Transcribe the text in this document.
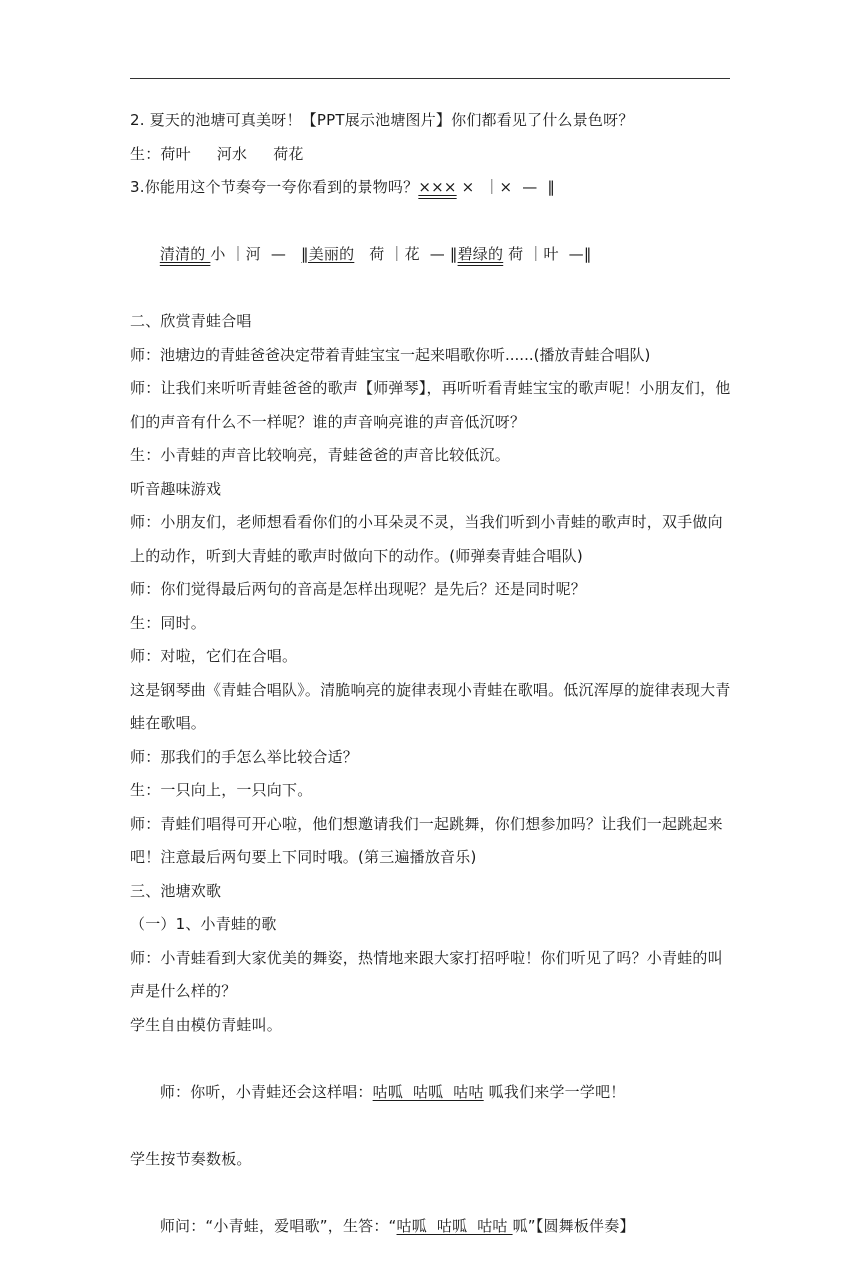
2. 夏天的池塘可真美呀！【PPT展示池塘图片】你们都看见了什么景色呀？
生：荷叶 河水 荷花
3.你能用这个节奏夸一夸你看到的景物吗？××× ×  ｜×  —  ‖

清清的 小 ｜河  —   ‖美丽的   荷 ｜花  — ‖碧绿的 荷 ｜叶  —‖

二、欣赏青蛙合唱
师：池塘边的青蛙爸爸决定带着青蛙宝宝一起来唱歌你听......(播放青蛙合唱队)
师：让我们来听听青蛙爸爸的歌声【师弹琴】，再听听看青蛙宝宝的歌声呢！小朋友们，他们的声音有什么不一样呢？谁的声音响亮谁的声音低沉呀？
生：小青蛙的声音比较响亮，青蛙爸爸的声音比较低沉。
听音趣味游戏
师：小朋友们，老师想看看你们的小耳朵灵不灵，当我们听到小青蛙的歌声时，双手做向上的动作，听到大青蛙的歌声时做向下的动作。(师弹奏青蛙合唱队)
师：你们觉得最后两句的音高是怎样出现呢？是先后？还是同时呢？
生：同时。
师：对啦，它们在合唱。
这是钢琴曲《青蛙合唱队》。清脆响亮的旋律表现小青蛙在歌唱。低沉浑厚的旋律表现大青蛙在歌唱。
师：那我们的手怎么举比较合适？
生：一只向上，一只向下。
师：青蛙们唱得可开心啦，他们想邀请我们一起跳舞，你们想参加吗？让我们一起跳起来吧！注意最后两句要上下同时哦。(第三遍播放音乐)
三、池塘欢歌
（一）1、小青蛙的歌
师：小青蛙看到大家优美的舞姿，热情地来跟大家打招呼啦！你们听见了吗？小青蛙的叫声是什么样的？
学生自由模仿青蛙叫。

师：你听，小青蛙还会这样唱：咕呱  咕呱  咕咕 呱我们来学一学吧！

学生按节奏数板。

师问：“小青蛙，爱唱歌”，生答：“咕呱  咕呱  咕咕 呱”【圆舞板伴奏】
